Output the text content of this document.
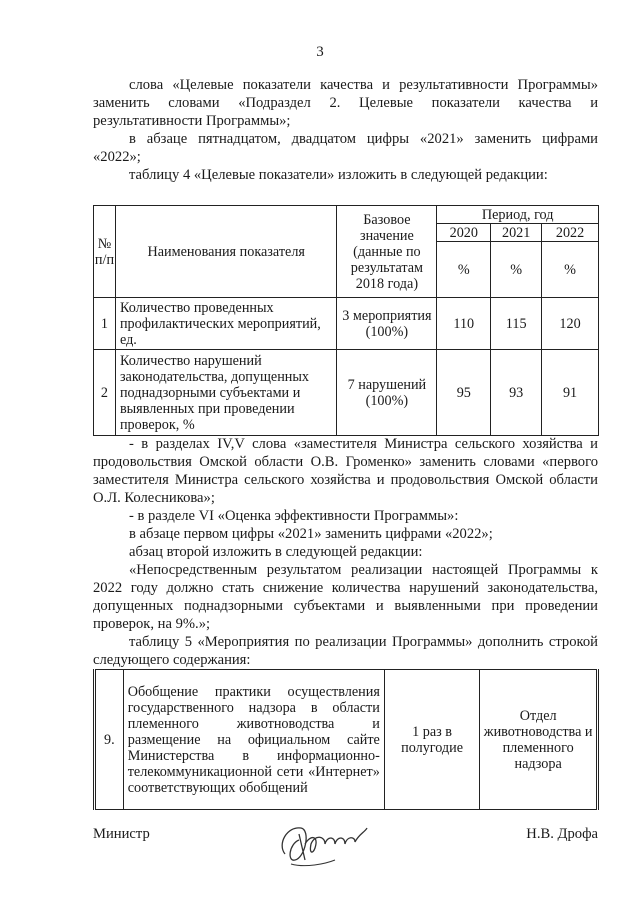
3

слова «Целевые показатели качества и результативности Программы» заменить словами «Подраздел 2. Целевые показатели качества и результативности Программы»;

в абзаце пятнадцатом, двадцатом цифры «2021» заменить цифрами «2022»;

таблицу 4 «Целевые показатели» изложить в следующей редакции:

№ п/п	Наименования показателя	Базовое значение (данные по результатам 2018 года)	Период, год		
			2020	2021	2022
			%	%	%
1	Количество проведенных профилактических мероприятий, ед.	3 мероприятия (100%)	110	115	120
2	Количество нарушений законодательства, допущенных поднадзорными субъектами и выявленных при проведении проверок, %	7 нарушений (100%)	95	93	91

- в разделах IV,V слова «заместителя Министра сельского хозяйства и продовольствия Омской области О.В. Громенко» заменить словами «первого заместителя Министра сельского хозяйства и продовольствия Омской области О.Л. Колесникова»;

- в разделе VI «Оценка эффективности Программы»:

в абзаце первом цифры «2021» заменить цифрами «2022»;

абзац второй изложить в следующей редакции:

«Непосредственным результатом реализации настоящей Программы к 2022 году должно стать снижение количества нарушений законодательства, допущенных поднадзорными субъектами и выявленными при проведении проверок, на 9%.»;

таблицу 5 «Мероприятия по реализации Программы» дополнить строкой следующего содержания:

9.	Обобщение практики осуществления государственного надзора в области племенного животноводства и размещение на официальном сайте Министерства в информационно-телекоммуникационной сети «Интернет» соответствующих обобщений	1 раз в полугодие	Отдел животноводства и племенного надзора
Министр	Н.В. Дрофа
